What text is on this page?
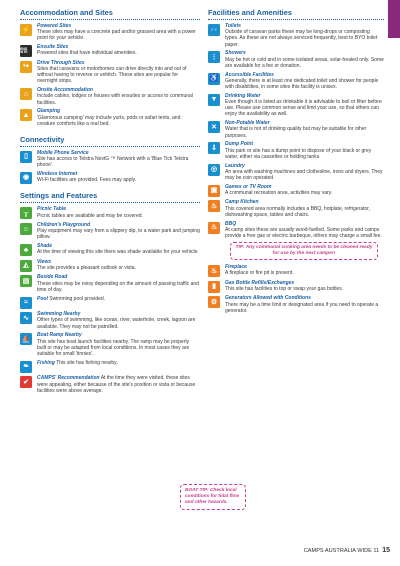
Accommodation and Sites
⚡
Powered Sites
These sites may have a concrete pad and/or grassed area with a power point for your vehicle.
ENS SITE
Ensuite Sites
Powered sites that have individual amenities.
↪
Drive Through Sites
Sites that caravans or motorhomes can drive directly into and out of without having to reverse or unhitch. These sites are popular for overnight stops.
⌂
Onsite Accommodation
Include cabins, lodges or houses with ensuites or access to communal facilities.
▲
Glamping
'Glamorous camping' may include yurts, pods or safari tents, and creature comforts like a real bed.
Connectivity
▯
Mobile Phone Service
Site has access to Telstra NextG ™ Network with a 'Blue Tick Telstra phone'.
◉
Wireless Internet
Wi-Fi facilities are provided. Fees may apply.
Settings and Features
╥
Picnic Table
Picnic tables are available and may be covered.
☺
Children's Playground
Play equipment may vary from a slippery dip, to a water park and jumping pillow.
♣
Shade
At the time of viewing this site there was shade available for your vehicle.
◭
Views
The site provides a pleasant outlook or vista.
▤
Beside Road
These sites may be noisy depending on the amount of passing traffic and time of day.
≈
Pool Swimming pool provided.
∿
Swimming Nearby
Other types of swimming, like ocean, river, waterhole, creek, lagoon are available. They may not be patrolled.
⛵
Boat Ramp Nearby
This site has boat launch facilities nearby. The ramp may be properly built or may be adapted from local conditions. In most cases they are suitable for small 'tinnies'.
❧
Fishing This site has fishing nearby.
✔
CAMPS' Recommendation At the time they were visited, these sites were appealing, either because of the site's position or vista or because facilities were above average.
Facilities and Amenities
♂♀
Toilets
Outside of caravan parks these may be long-drops or composting types. As these are not always serviced frequently, best to BYO toilet paper.
⋮
Showers
May be hot or cold and in some isolated areas, solar-heated only. Some are available for a fee or donation.
♿
Accessible Facilities
Generally, there is at least one dedicated toilet and shower for people with disabilities, in some sites this facility is unisex.
▼
Drinking Water
Even though it is listed as drinkable it is advisable to boil or filter before use. Please use common sense and limit your use, so that others can enjoy the availability as well.
✕
Non-Potable Water
Water that is not of drinking quality but may be suitable for other purposes.
⇩
Dump Point
This park or site has a dump point to dispose of your black or grey water, either via cassettes or holding tanks.
◎
Laundry
An area with washing machines and clothesline, irons and dryers. They may be coin operated.
▣
Games or TV Room
A communal recreation area, activities may vary.
♨
Camp Kitchen
This covered area normally includes a BBQ, hotplate, refrigerator, dishwashing space, tables and chairs.
♨
BBQ
At camp sites these are usually wood-fuelled. Some parks and camps provide a free gas or electric barbeque, others may charge a small fee.
TIP: Any communal cooking area needs to be cleaned ready for use by the next camper!
♨
Fireplace
A fireplace or fire pit is present.
▮
Gas Bottle Refills/Exchanges
This site has facilities to top or swap your gas bottles.
⚙
Generators Allowed with Conditions
There may be a time limit or designated area if you need to operate a generator.
BOAT TIP: Check local conditions for tidal flow and other hazards.
CAMPS AUSTRALIA WIDE 11 15
